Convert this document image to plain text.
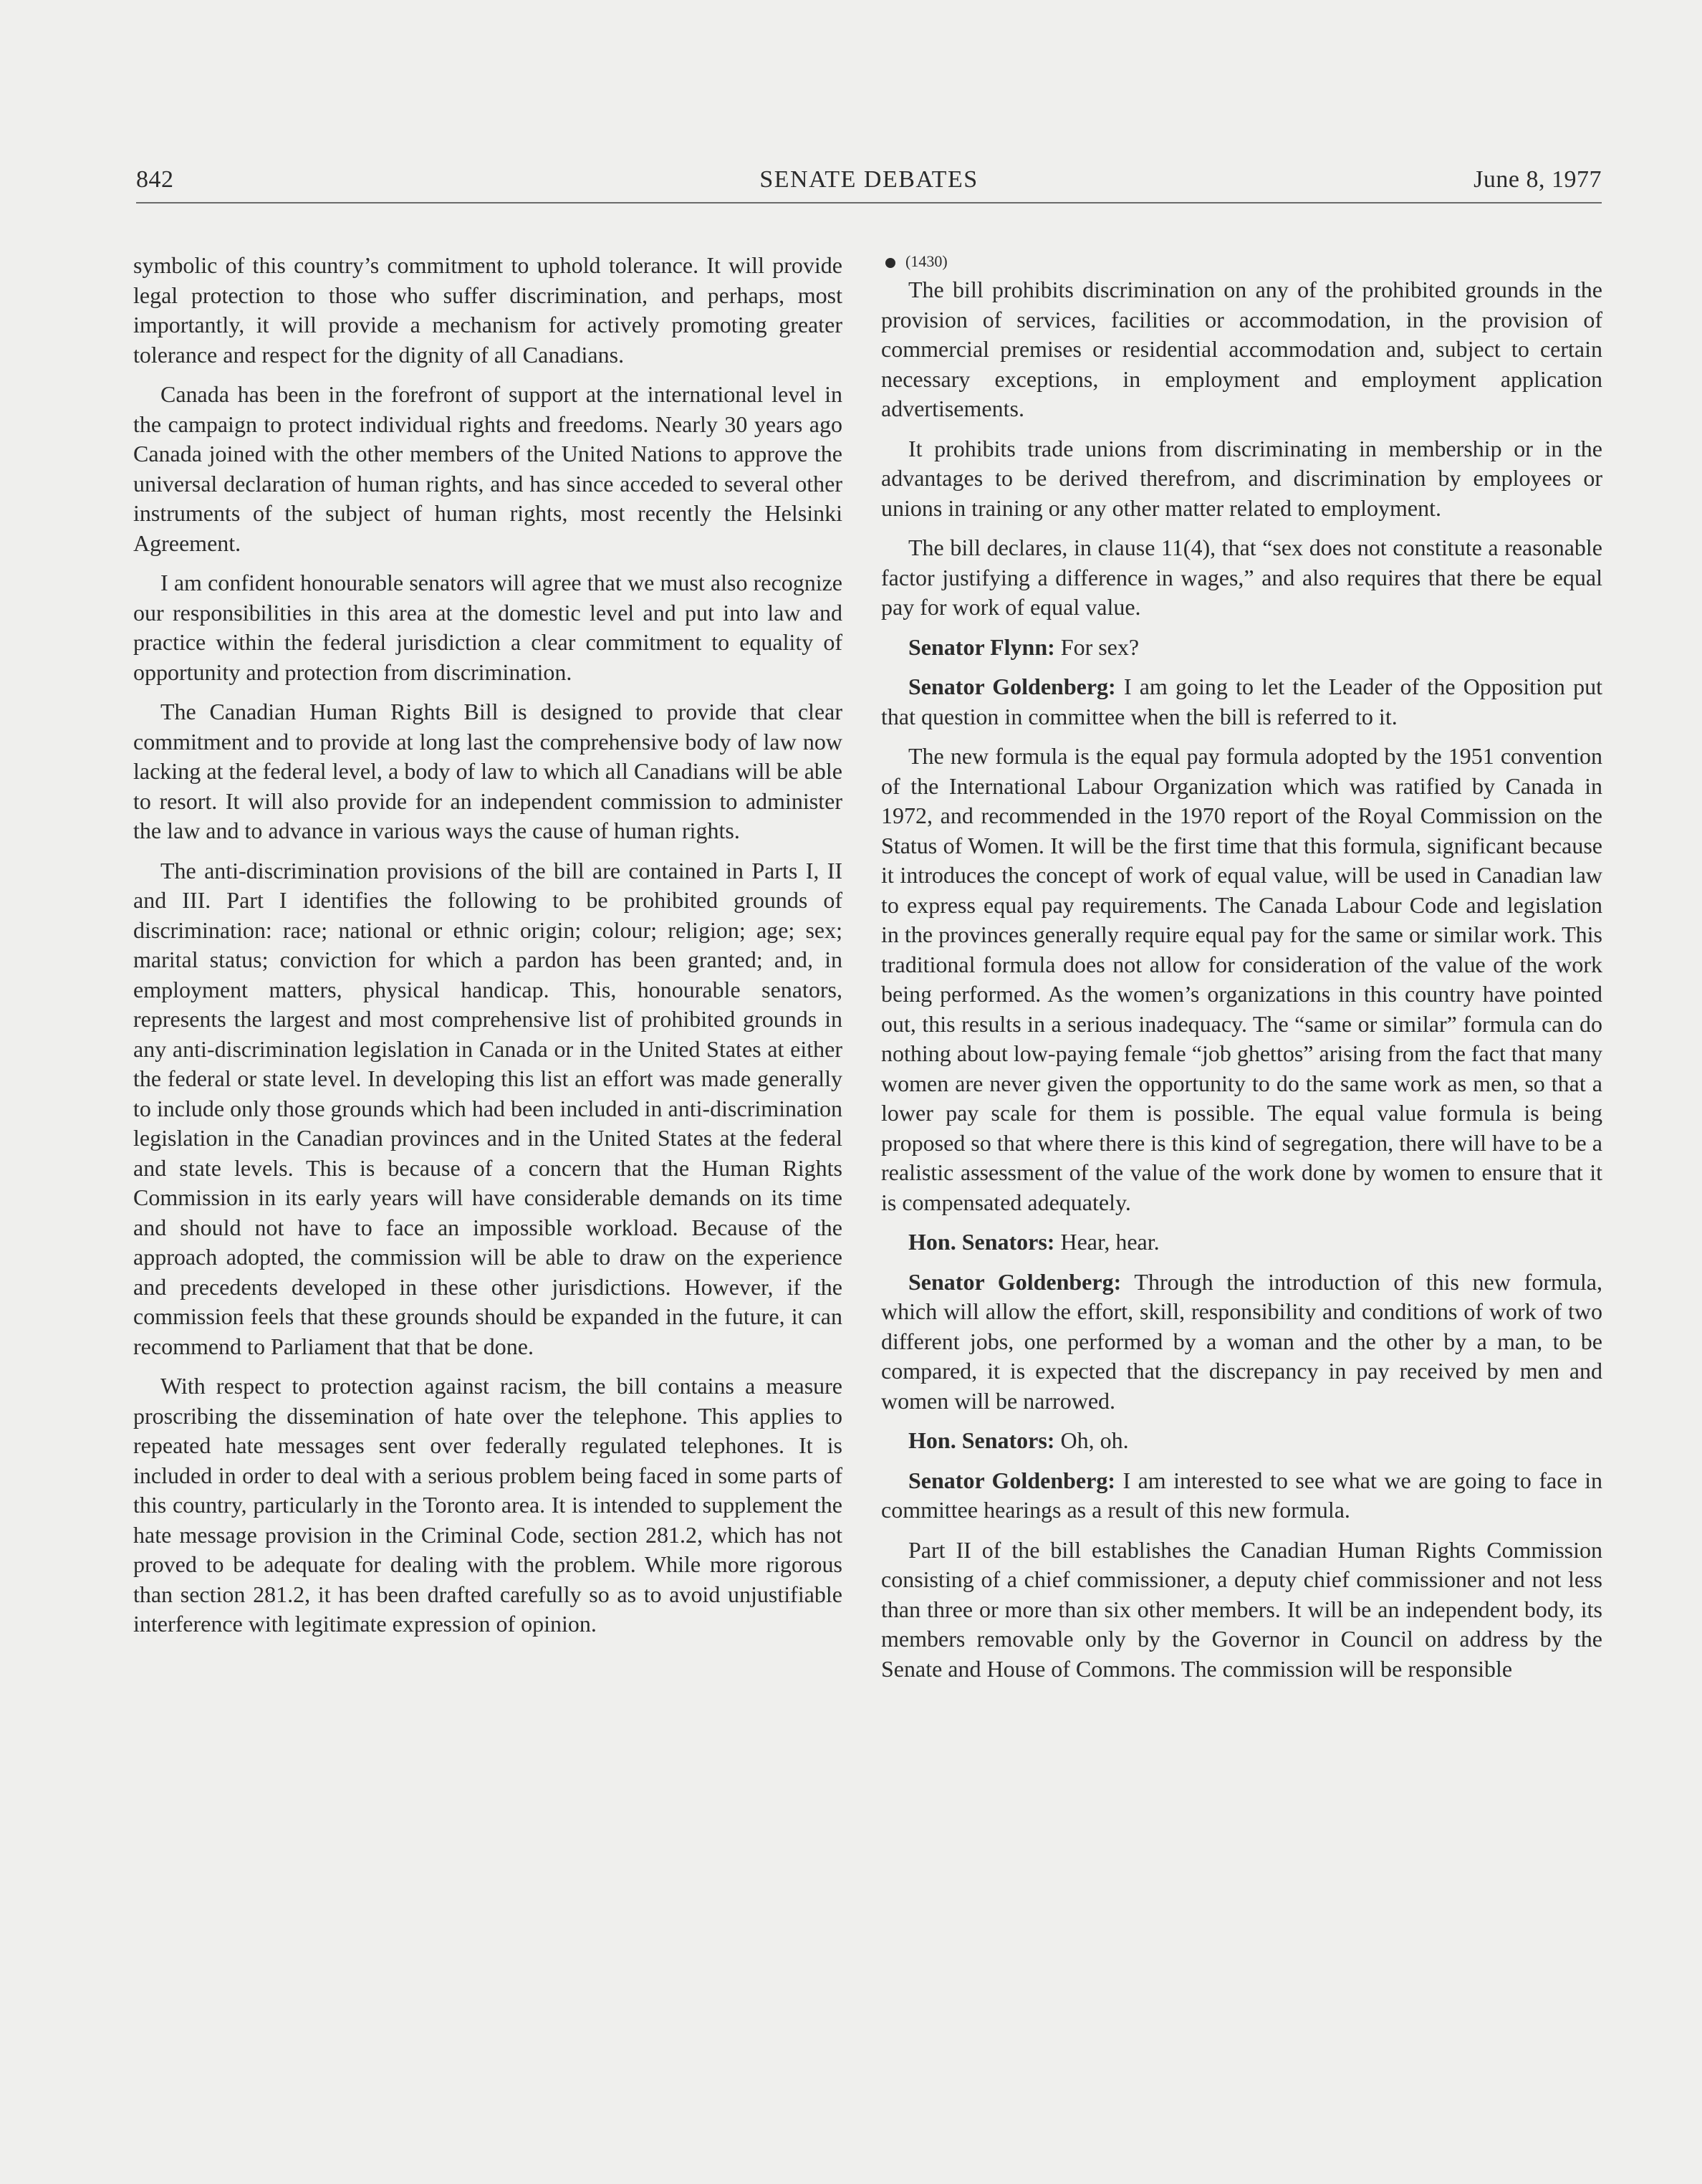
842	SENATE DEBATES	June 8, 1977

symbolic of this country’s commitment to uphold tolerance. It will provide legal protection to those who suffer discrimination, and perhaps, most importantly, it will provide a mechanism for actively promoting greater tolerance and respect for the dignity of all Canadians.

Canada has been in the forefront of support at the international level in the campaign to protect individual rights and freedoms. Nearly 30 years ago Canada joined with the other members of the United Nations to approve the universal declaration of human rights, and has since acceded to several other instruments of the subject of human rights, most recently the Helsinki Agreement.

I am confident honourable senators will agree that we must also recognize our responsibilities in this area at the domestic level and put into law and practice within the federal jurisdiction a clear commitment to equality of opportunity and protection from discrimination.

The Canadian Human Rights Bill is designed to provide that clear commitment and to provide at long last the comprehensive body of law now lacking at the federal level, a body of law to which all Canadians will be able to resort. It will also provide for an independent commission to administer the law and to advance in various ways the cause of human rights.

The anti-discrimination provisions of the bill are contained in Parts I, II and III. Part I identifies the following to be prohibited grounds of discrimination: race; national or ethnic origin; colour; religion; age; sex; marital status; conviction for which a pardon has been granted; and, in employment matters, physical handicap. This, honourable senators, represents the largest and most comprehensive list of prohibited grounds in any anti-discrimination legislation in Canada or in the United States at either the federal or state level. In developing this list an effort was made generally to include only those grounds which had been included in anti-discrimination legislation in the Canadian provinces and in the United States at the federal and state levels. This is because of a concern that the Human Rights Commission in its early years will have considerable demands on its time and should not have to face an impossible workload. Because of the approach adopted, the commission will be able to draw on the experience and precedents developed in these other jurisdictions. However, if the commission feels that these grounds should be expanded in the future, it can recommend to Parliament that that be done.

With respect to protection against racism, the bill contains a measure proscribing the dissemination of hate over the telephone. This applies to repeated hate messages sent over federally regulated telephones. It is included in order to deal with a serious problem being faced in some parts of this country, particularly in the Toronto area. It is intended to supplement the hate message provision in the Criminal Code, section 281.2, which has not proved to be adequate for dealing with the problem. While more rigorous than section 281.2, it has been drafted carefully so as to avoid unjustifiable interference with legitimate expression of opinion.

(1430)

The bill prohibits discrimination on any of the prohibited grounds in the provision of services, facilities or accommodation, in the provision of commercial premises or residential accommodation and, subject to certain necessary exceptions, in employment and employment application advertisements.

It prohibits trade unions from discriminating in membership or in the advantages to be derived therefrom, and discrimination by employees or unions in training or any other matter related to employment.

The bill declares, in clause 11(4), that “sex does not constitute a reasonable factor justifying a difference in wages,” and also requires that there be equal pay for work of equal value.

Senator Flynn: For sex?

Senator Goldenberg: I am going to let the Leader of the Opposition put that question in committee when the bill is referred to it.

The new formula is the equal pay formula adopted by the 1951 convention of the International Labour Organization which was ratified by Canada in 1972, and recommended in the 1970 report of the Royal Commission on the Status of Women. It will be the first time that this formula, significant because it introduces the concept of work of equal value, will be used in Canadian law to express equal pay requirements. The Canada Labour Code and legislation in the provinces generally require equal pay for the same or similar work. This traditional formula does not allow for consideration of the value of the work being performed. As the women’s organizations in this country have pointed out, this results in a serious inadequacy. The “same or similar” formula can do nothing about low-paying female “job ghettos” arising from the fact that many women are never given the opportunity to do the same work as men, so that a lower pay scale for them is possible. The equal value formula is being proposed so that where there is this kind of segregation, there will have to be a realistic assessment of the value of the work done by women to ensure that it is compensated adequately.

Hon. Senators: Hear, hear.

Senator Goldenberg: Through the introduction of this new formula, which will allow the effort, skill, responsibility and conditions of work of two different jobs, one performed by a woman and the other by a man, to be compared, it is expected that the discrepancy in pay received by men and women will be narrowed.

Hon. Senators: Oh, oh.

Senator Goldenberg: I am interested to see what we are going to face in committee hearings as a result of this new formula.

Part II of the bill establishes the Canadian Human Rights Commission consisting of a chief commissioner, a deputy chief commissioner and not less than three or more than six other members. It will be an independent body, its members removable only by the Governor in Council on address by the Senate and House of Commons. The commission will be responsible
